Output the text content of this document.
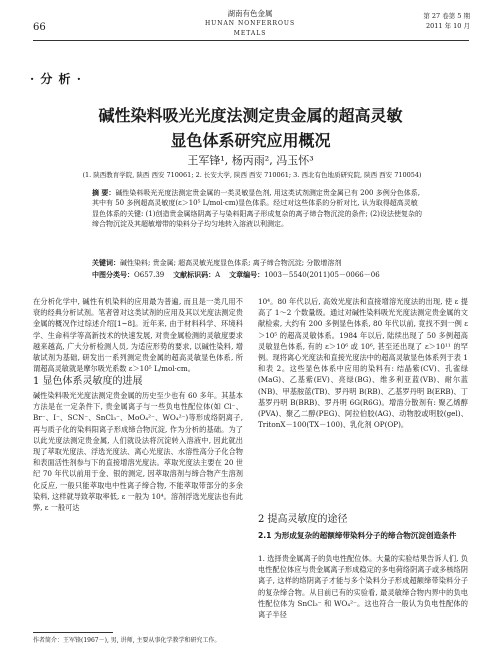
66
湖南有色金属
HUNAN NONFERROUS METALS
第 27 卷第 5 期
2011 年 10 月
· 分 析 ·
碱性染料吸光光度法测定贵金属的超高灵敏
显色体系研究应用概况
王军锋¹, 杨丙雨², 冯玉怀³
(1. 陕西教育学院, 陕西 西安 710061; 2. 长安大学, 陕西 西安 710061; 3. 西北有色地质研究院, 陕西 西安 710054)
摘 要：碱性染料吸光光度法测定贵金属的一类灵敏显色剂, 用这类试剂测定贵金属已有 200 多例分色体系, 其中有 50 多例超高灵敏度(ε＞10⁵ L/mol·cm)显色体系。经过对这些体系的分析对比, 认为取得超高灵敏显色体系的关键: (1)创造贵金属络阴离子与染料阳离子形成复杂的离子缔合物沉淀的条件; (2)设法使复杂的缔合物沉淀及其超敏增带的染料分子均匀地转入溶液以利测定。
关键词：碱性染料; 贵金属; 超高灵敏光度显色体系; 离子缔合物沉淀; 分散增溶剂
中图分类号：O657.39 文献标识码：A 文章编号：1003－5540(2011)05－0066－06
在分析化学中, 碱性有机染料的应用最为普遍, 而且是一类几用不衰的经典分析试剂。笔者曾对这类试剂的应用及其以光度法测定贵金属的概况作过综述介绍[1~8]。近年来, 由于材料科学、环境科学、生命科学等高新技术的快速发展, 对贵金属检测的灵敏度要求越来越高, 广大分析检测人员, 为适应形势的要求, 以碱性染料, 增敏试剂为基础, 研发出一系列测定贵金属的超高灵敏显色体系, 所谓超高灵敏就是摩尔吸光系数 ε＞10⁵ L/mol·cm。
1 显色体系灵敏度的进展
碱性染料吸光光度法测定贵金属的历史至少也有 60 多年。其基本方法是在一定条件下, 贵金属离子与一些负电性配位体(如 Cl⁻、Br⁻、I⁻、SCN⁻、SnCl₃⁻、MoO₄²⁻、WO₄²⁻)等形成络阴离子, 再与质子化的染料阳离子形成缔合物沉淀, 作为分析的基础。为了以此光度法测定贵金属, 人们就设法将沉淀转入溶液中, 因此就出现了萃取光度法、浮选光度法、离心光度法、水溶性高分子化合物和表面活性剂参与下的直接增溶光度法。萃取光度法主要在 20 世纪 70 年代以前用于金、银的测定, 因萃取溶剂与缔合物产生溶剂化反应, 一般只能萃取电中性离子缔合物, 不能萃取带部分的多余染料, 这样就导致萃取率低, ε 一般为 10⁴。溶剂浮选光度法也有此弊, ε 一般可达
10⁴。80 年代以后, 高效光度法和直接增溶光度法的出现, 使 ε 提高了 1～2 个数量级。通过对碱性染料吸光光度法测定贵金属的文献检索, 大约有 200 多例显色体系, 80 年代以前, 竟找不到一例 ε＞10⁵ 的超高灵敏体系。1984 年以后, 陆续出现了 50 多例超高灵敏显色体系, 有的 ε＞10⁶ 或 10⁶, 甚至还出现了 ε＞10¹¹ 的罕例。现将离心光度法和直接光度法中的超高灵敏显色体系列于表 1 和表 2。这些显色体系中应用的染料有: 结晶紫(CV)、孔雀绿(MaG)、乙基紫(EV)、亮绿(BG)、维多利亚蓝(VB)、耐尔蓝(NB)、甲基胺蓝(TB)、罗丹明 B(RB)、乙基罗丹明 B(ERB)、丁基罗丹明 B(BRB)、罗丹明 6G(R6G)。增溶分散剂有: 聚乙烯醇(PVA)、聚乙二醇(PEG)、阿拉伯胶(AG)、动物胶或明胶(gel)、TritonX－100(TX－100)、乳化剂 OP(OP)。
2 提高灵敏度的途径
2.1 为形成复杂的超额缔带染料分子的缔合物沉淀创造条件
1. 选择贵金属离子的负电性配位体。大量的实验结果告诉人们, 负电性配位体应与贵金属离子形成稳定的多电荷络阴离子或多核络阴离子, 这样的络阴离子才能与多个染料分子形成超额缔带染料分子的复杂缔合物。从目前已有的实验看, 最灵敏缔合物内界中的负电性配位体为 SnCl₃⁻ 和 WO₄²⁻。这也符合一般认为负电性配体的离子半径
作者简介：王军锋(1967－), 男, 讲师, 主要从事化学教学和研究工作。
